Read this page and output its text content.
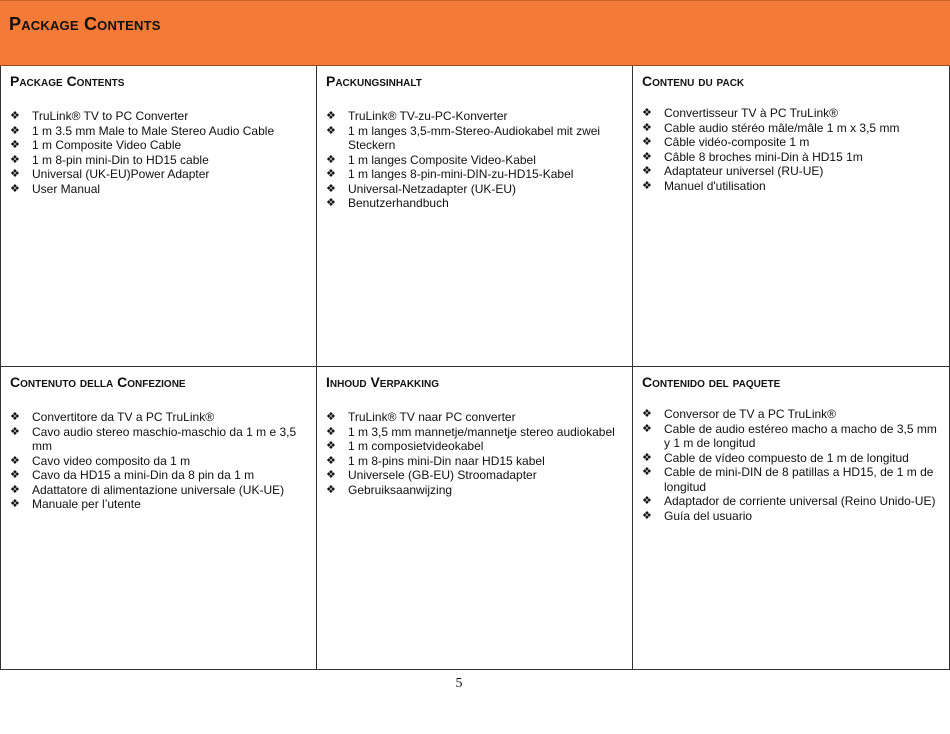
Package Contents
Package Contents
❖ TruLink® TV to PC Converter
❖ 1 m 3.5 mm Male to Male Stereo Audio Cable
❖ 1 m Composite Video Cable
❖ 1 m 8-pin mini-Din to HD15 cable
❖ Universal (UK-EU)Power Adapter
❖ User Manual
Packungsinhalt
❖ TruLink® TV-zu-PC-Konverter
❖ 1 m langes 3,5-mm-Stereo-Audiokabel mit zwei Steckern
❖ 1 m langes Composite Video-Kabel
❖ 1 m langes 8-pin-mini-DIN-zu-HD15-Kabel
❖ Universal-Netzadapter (UK-EU)
❖ Benutzerhandbuch
Contenu du pack
❖ Convertisseur TV à PC TruLink®
❖ Cable audio stéréo mâle/mâle 1 m x 3,5 mm
❖ Câble vidéo-composite 1 m
❖ Câble 8 broches mini-Din à HD15 1m
❖ Adaptateur universel (RU-UE)
❖ Manuel d'utilisation
Contenuto della Confezione
❖ Convertitore da TV a PC TruLink®
❖ Cavo audio stereo maschio-maschio da 1 m e 3,5 mm
❖ Cavo video composito da 1 m
❖ Cavo da HD15 a mini-Din da 8 pin da 1 m
❖ Adattatore di alimentazione universale (UK-UE)
❖ Manuale per l’utente
Inhoud Verpakking
❖ TruLink® TV naar PC converter
❖ 1 m 3,5 mm mannetje/mannetje stereo audiokabel
❖ 1 m composietvideokabel
❖ 1 m 8-pins mini-Din naar HD15 kabel
❖ Universele (GB-EU) Stroomadapter
❖ Gebruiksaanwijzing
Contenido del paquete
❖ Conversor de TV a PC TruLink®
❖ Cable de audio estéreo macho a macho de 3,5 mm y 1 m de longitud
❖ Cable de vídeo compuesto de 1 m de longitud
❖ Cable de mini-DIN de 8 patillas a HD15, de 1 m de longitud
❖ Adaptador de corriente universal (Reino Unido-UE)
❖ Guía del usuario
5
